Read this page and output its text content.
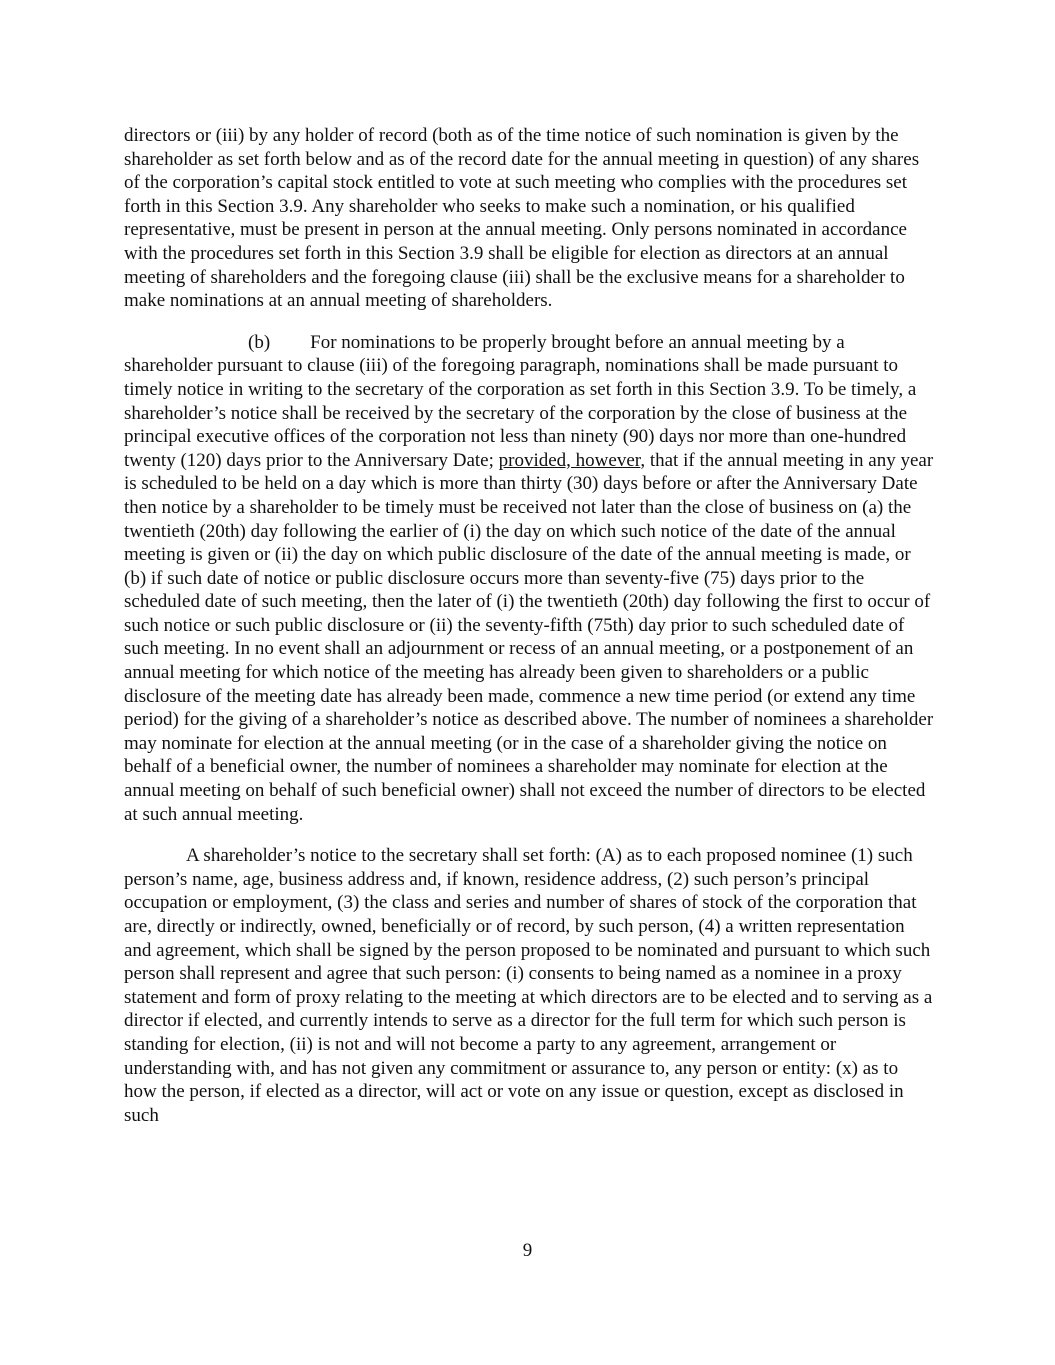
directors or (iii) by any holder of record (both as of the time notice of such nomination is given by the shareholder as set forth below and as of the record date for the annual meeting in question) of any shares of the corporation’s capital stock entitled to vote at such meeting who complies with the procedures set forth in this Section 3.9. Any shareholder who seeks to make such a nomination, or his qualified representative, must be present in person at the annual meeting. Only persons nominated in accordance with the procedures set forth in this Section 3.9 shall be eligible for election as directors at an annual meeting of shareholders and the foregoing clause (iii) shall be the exclusive means for a shareholder to make nominations at an annual meeting of shareholders.

(b) For nominations to be properly brought before an annual meeting by a shareholder pursuant to clause (iii) of the foregoing paragraph, nominations shall be made pursuant to timely notice in writing to the secretary of the corporation as set forth in this Section 3.9. To be timely, a shareholder’s notice shall be received by the secretary of the corporation by the close of business at the principal executive offices of the corporation not less than ninety (90) days nor more than one-hundred twenty (120) days prior to the Anniversary Date; provided, however, that if the annual meeting in any year is scheduled to be held on a day which is more than thirty (30) days before or after the Anniversary Date then notice by a shareholder to be timely must be received not later than the close of business on (a) the twentieth (20th) day following the earlier of (i) the day on which such notice of the date of the annual meeting is given or (ii) the day on which public disclosure of the date of the annual meeting is made, or (b) if such date of notice or public disclosure occurs more than seventy-five (75) days prior to the scheduled date of such meeting, then the later of (i) the twentieth (20th) day following the first to occur of such notice or such public disclosure or (ii) the seventy-fifth (75th) day prior to such scheduled date of such meeting. In no event shall an adjournment or recess of an annual meeting, or a postponement of an annual meeting for which notice of the meeting has already been given to shareholders or a public disclosure of the meeting date has already been made, commence a new time period (or extend any time period) for the giving of a shareholder’s notice as described above. The number of nominees a shareholder may nominate for election at the annual meeting (or in the case of a shareholder giving the notice on behalf of a beneficial owner, the number of nominees a shareholder may nominate for election at the annual meeting on behalf of such beneficial owner) shall not exceed the number of directors to be elected at such annual meeting.

A shareholder’s notice to the secretary shall set forth: (A) as to each proposed nominee (1) such person’s name, age, business address and, if known, residence address, (2) such person’s principal occupation or employment, (3) the class and series and number of shares of stock of the corporation that are, directly or indirectly, owned, beneficially or of record, by such person, (4) a written representation and agreement, which shall be signed by the person proposed to be nominated and pursuant to which such person shall represent and agree that such person: (i) consents to being named as a nominee in a proxy statement and form of proxy relating to the meeting at which directors are to be elected and to serving as a director if elected, and currently intends to serve as a director for the full term for which such person is standing for election, (ii) is not and will not become a party to any agreement, arrangement or understanding with, and has not given any commitment or assurance to, any person or entity: (x) as to how the person, if elected as a director, will act or vote on any issue or question, except as disclosed in such

9
